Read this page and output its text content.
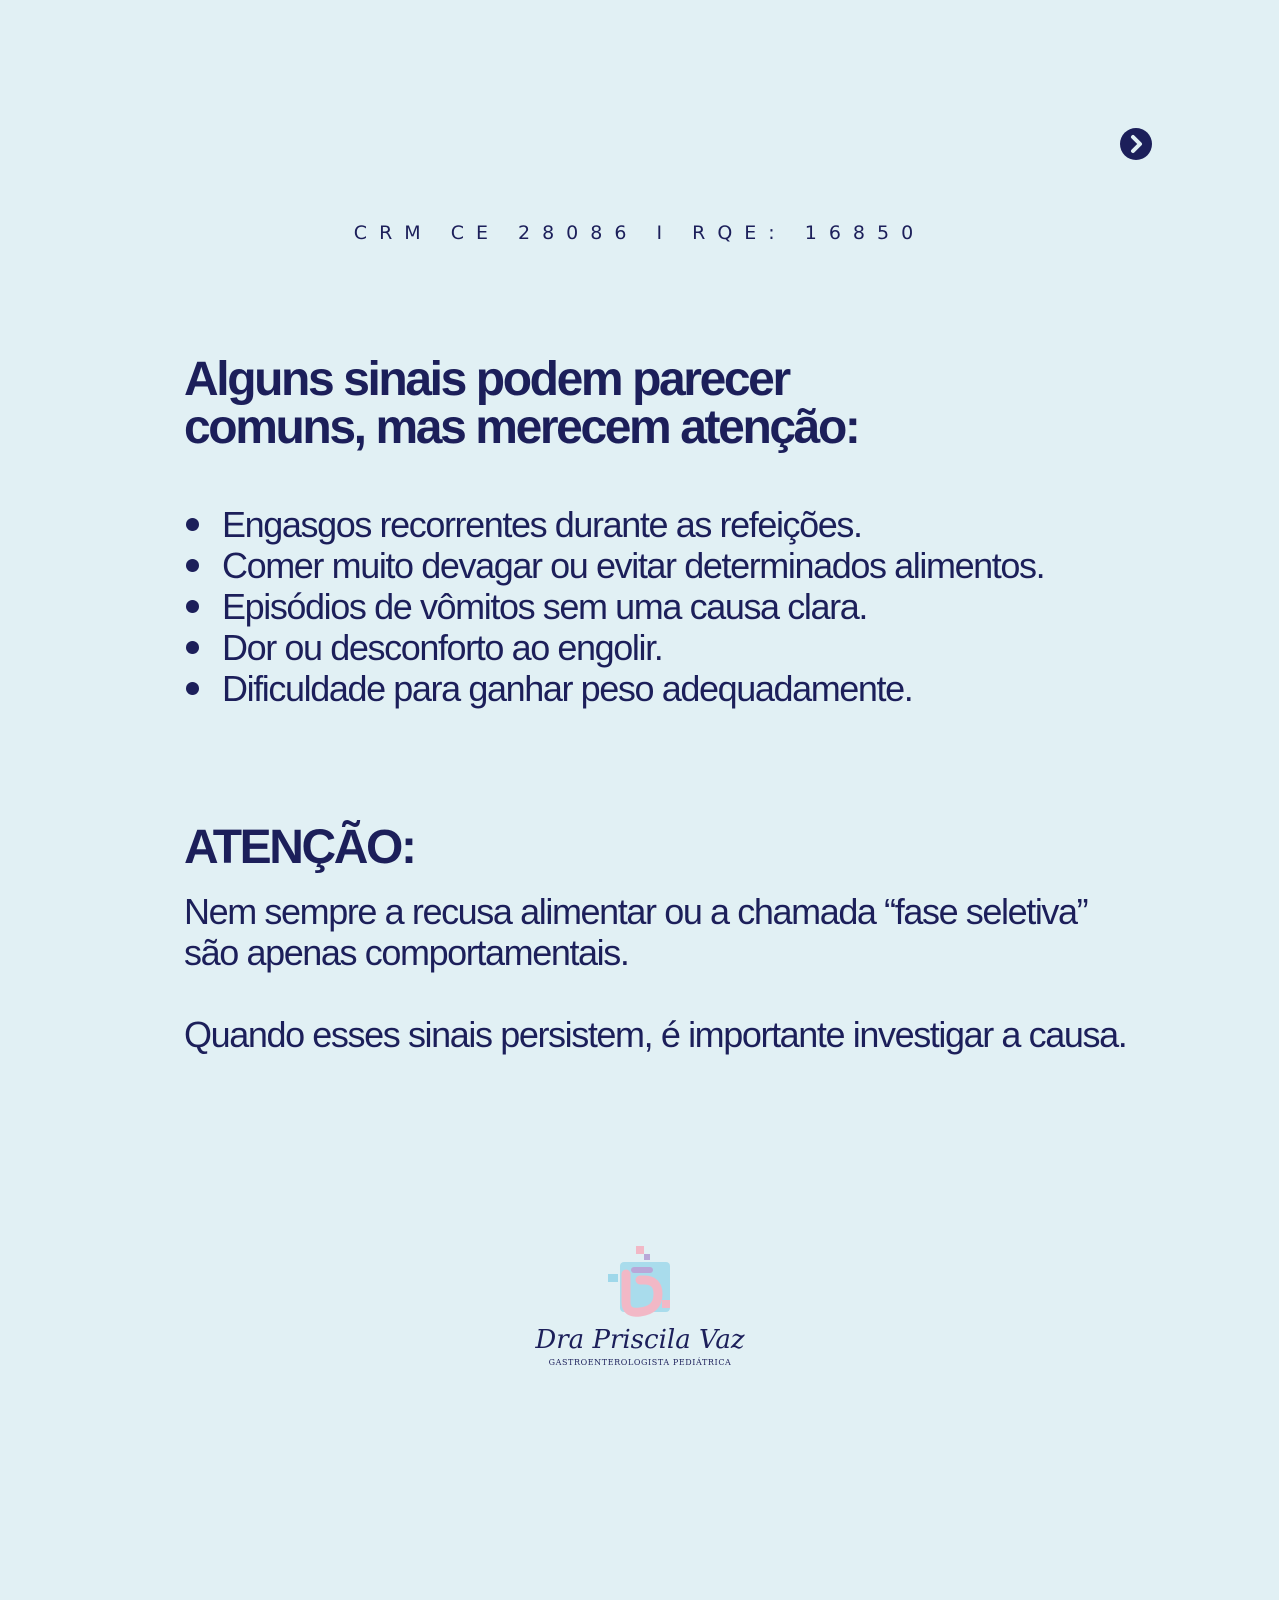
CRM CE 28086 I RQE: 16850
Alguns sinais podem parecer
comuns, mas merecem atenção:
Engasgos recorrentes durante as refeições.
Comer muito devagar ou evitar determinados alimentos.
Episódios de vômitos sem uma causa clara.
Dor ou desconforto ao engolir.
Dificuldade para ganhar peso adequadamente.
ATENÇÃO:

Nem sempre a recusa alimentar ou a chamada “fase seletiva” são apenas comportamentais.

Quando esses sinais persistem, é importante investigar a causa.

Dra Priscila Vaz
GASTROENTEROLOGISTA PEDIÁTRICA
